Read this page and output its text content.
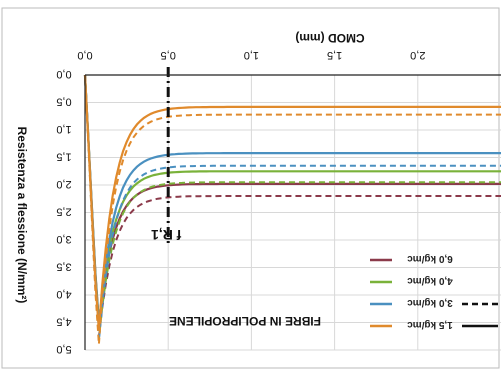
0,0	0,5	1,0	1,5	2,0
0,0
0,5
1,0
1,5
2,0
2,5
3,0
3,5
4,0
4,5
5,0
CMOD (mm)
Resistenza a flessione (N/mm²)	f R,1
FIBRE IN POLIPROPILENE
6,0 kg/mc
4,0 kg/mc
3,0 kg/mc
1,5 kg/mc
